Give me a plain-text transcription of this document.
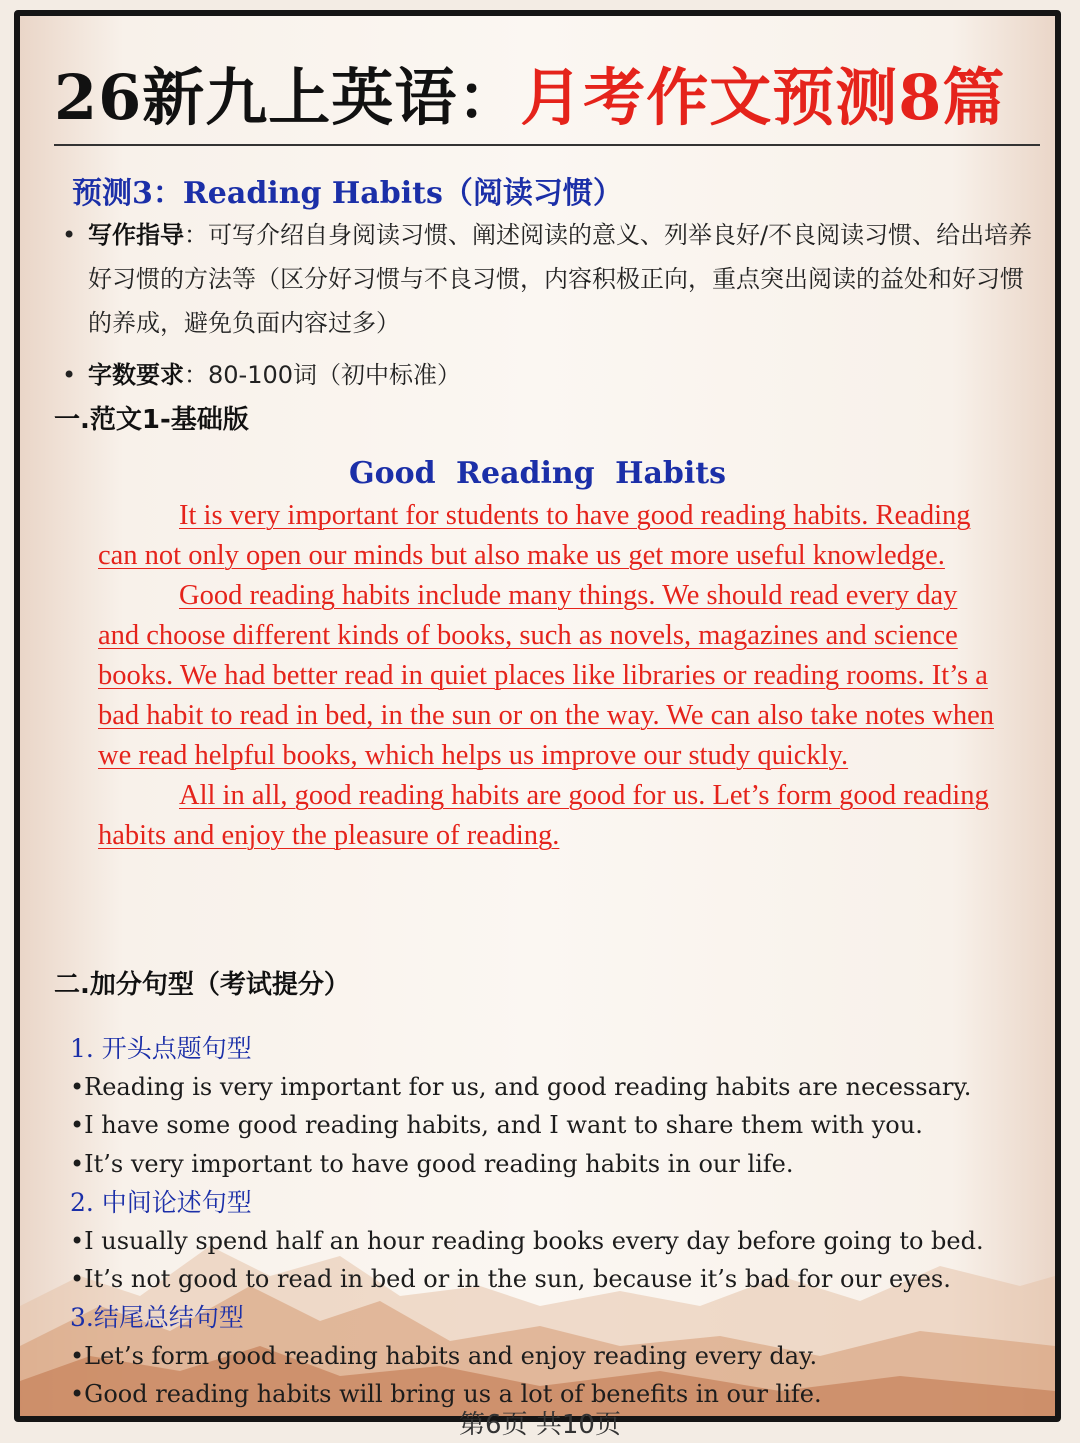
26新九上英语：月考作文预测8篇
预测3：Reading Habits（阅读习惯）
• 写作指导：可写介绍自身阅读习惯、阐述阅读的意义、列举良好/不良阅读习惯、给出培养好习惯的方法等（区分好习惯与不良习惯，内容积极正向，重点突出阅读的益处和好习惯的养成，避免负面内容过多）
• 字数要求：80-100词（初中标准）
一.范文1-基础版
Good Reading Habits

It is very important for students to have good reading habits. Reading can not only open our minds but also make us get more useful knowledge.

Good reading habits include many things. We should read every day and choose different kinds of books, such as novels, magazines and science books. We had better read in quiet places like libraries or reading rooms. It’s a bad habit to read in bed, in the sun or on the way. We can also take notes when we read helpful books, which helps us improve our study quickly.

All in all, good reading habits are good for us. Let’s form good reading habits and enjoy the pleasure of reading.

二.加分句型（考试提分）
1. 开头点题句型
•Reading is very important for us, and good reading habits are necessary.
•I have some good reading habits, and I want to share them with you.
•It’s very important to have good reading habits in our life.
2. 中间论述句型
•I usually spend half an hour reading books every day before going to bed.
•It’s not good to read in bed or in the sun, because it’s bad for our eyes.
3.结尾总结句型
•Let’s form good reading habits and enjoy reading every day.
•Good reading habits will bring us a lot of benefits in our life.
第6页 共10页
